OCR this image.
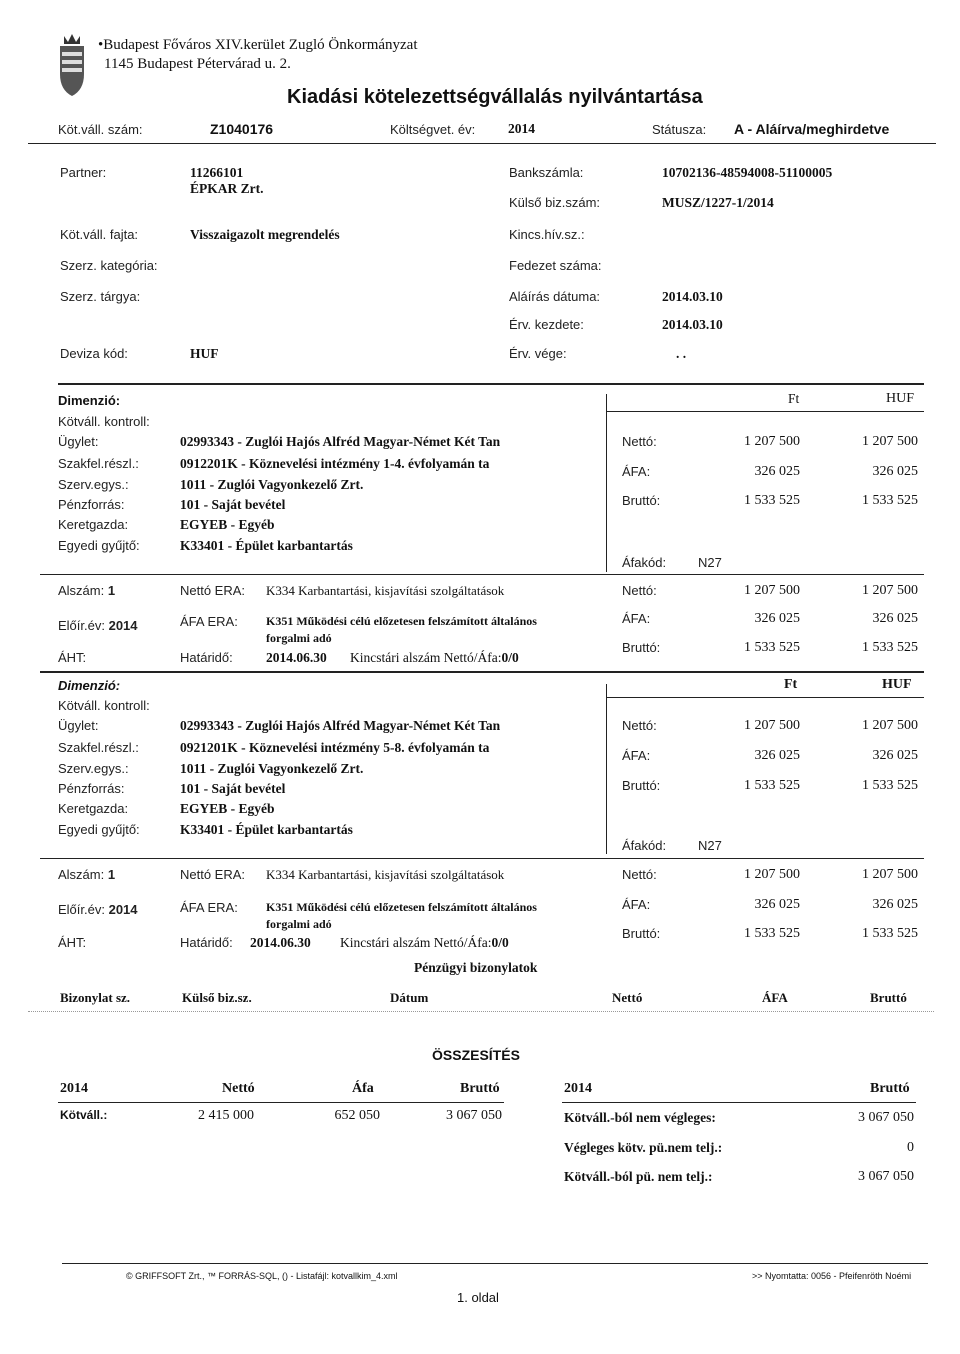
•Budapest Főváros XIV.kerület Zugló Önkormányzat
1145 Budapest Pétervárad u. 2.
Kiadási kötelezettségvállalás nyilvántartása
Köt.váll. szám:	Z1040176	Költségvet. év: 2014	Státusza: A - Aláírva/meghirdetve
Partner:	11266101
ÉPKAR Zrt.
Bankszámla:	10702136-48594008-51100005
Külső biz.szám:	MUSZ/1227-1/2014
Köt.váll. fajta:	Visszaigazolt megrendelés	Kincs.hív.sz.:
Szerz. kategória:	Fedezet száma:
Szerz. tárgya:	Aláírás dátuma:	2014.03.10
Érv. kezdete:	2014.03.10
Deviza kód:	HUF	Érv. vége:	. .
Dimenzió:	Ft	HUF
Kötváll. kontroll:
Ügylet:	02993343 - Zuglói Hajós Alfréd Magyar-Német Két Tan
Szakfel.részl.:	0912201K - Köznevelési intézmény 1-4. évfolyamán ta
Szerv.egys.:	1011 - Zuglói Vagyonkezelő Zrt.
Pénzforrás:	101 - Saját bevétel
Keretgazda:	EGYEB - Egyéb
Egyedi gyűjtő:	K33401 - Épület karbantartás
Nettó:	1 207 500	1 207 500
ÁFA:	326 025	326 025
Bruttó:	1 533 525	1 533 525
Áfakód: N27
Alszám: 1	Nettó ERA: K334 Karbantartási, kisjavítási szolgáltatások	Nettó:	1 207 500	1 207 500
Előír.év: 2014	ÁFA ERA: K351 Működési célú előzetesen felszámított általános
forgalmi adó
ÁFA:	326 025	326 025
ÁHT:	Határidő: 2014.06.30 Kincstári alszám Nettó/Áfa:0/0
Bruttó:	1 533 525	1 533 525
Dimenzió:	Ft	HUF
Kötváll. kontroll:
Ügylet:	02993343 - Zuglói Hajós Alfréd Magyar-Német Két Tan
Szakfel.részl.:	0921201K - Köznevelési intézmény 5-8. évfolyamán ta
Szerv.egys.:	1011 - Zuglói Vagyonkezelő Zrt.
Pénzforrás:	101 - Saját bevétel
Keretgazda:	EGYEB - Egyéb
Egyedi gyűjtő:	K33401 - Épület karbantartás
Nettó:	1 207 500	1 207 500
ÁFA:	326 025	326 025
Bruttó:	1 533 525	1 533 525
Áfakód: N27
Alszám: 1	Nettó ERA: K334 Karbantartási, kisjavítási szolgáltatások	Nettó:	1 207 500	1 207 500
Előír.év: 2014	ÁFA ERA: K351 Működési célú előzetesen felszámított általános
forgalmi adó
ÁFA:	326 025	326 025
ÁHT:	Határidő: 2014.06.30 Kincstári alszám Nettó/Áfa:0/0
Bruttó:	1 533 525	1 533 525
Pénzügyi bizonylatok
Bizonylat sz.	Külső biz.sz.	Dátum	Nettó	ÁFA	Bruttó
ÖSSZESÍTÉS
2014	Nettó	Áfa	Bruttó
Kötváll.:	2 415 000	652 050	3 067 050
2014	Bruttó
Kötváll.-ból nem végleges:	3 067 050
Végleges kötv. pü.nem telj.:	0
Kötváll.-ból pü. nem telj.:	3 067 050
© GRIFFSOFT Zrt., ™ FORRÁS-SQL, () - Listafájl: kotvallkim_4.xml	>> Nyomtatta: 0056 - Pfeifenröth Noémi
1. oldal
